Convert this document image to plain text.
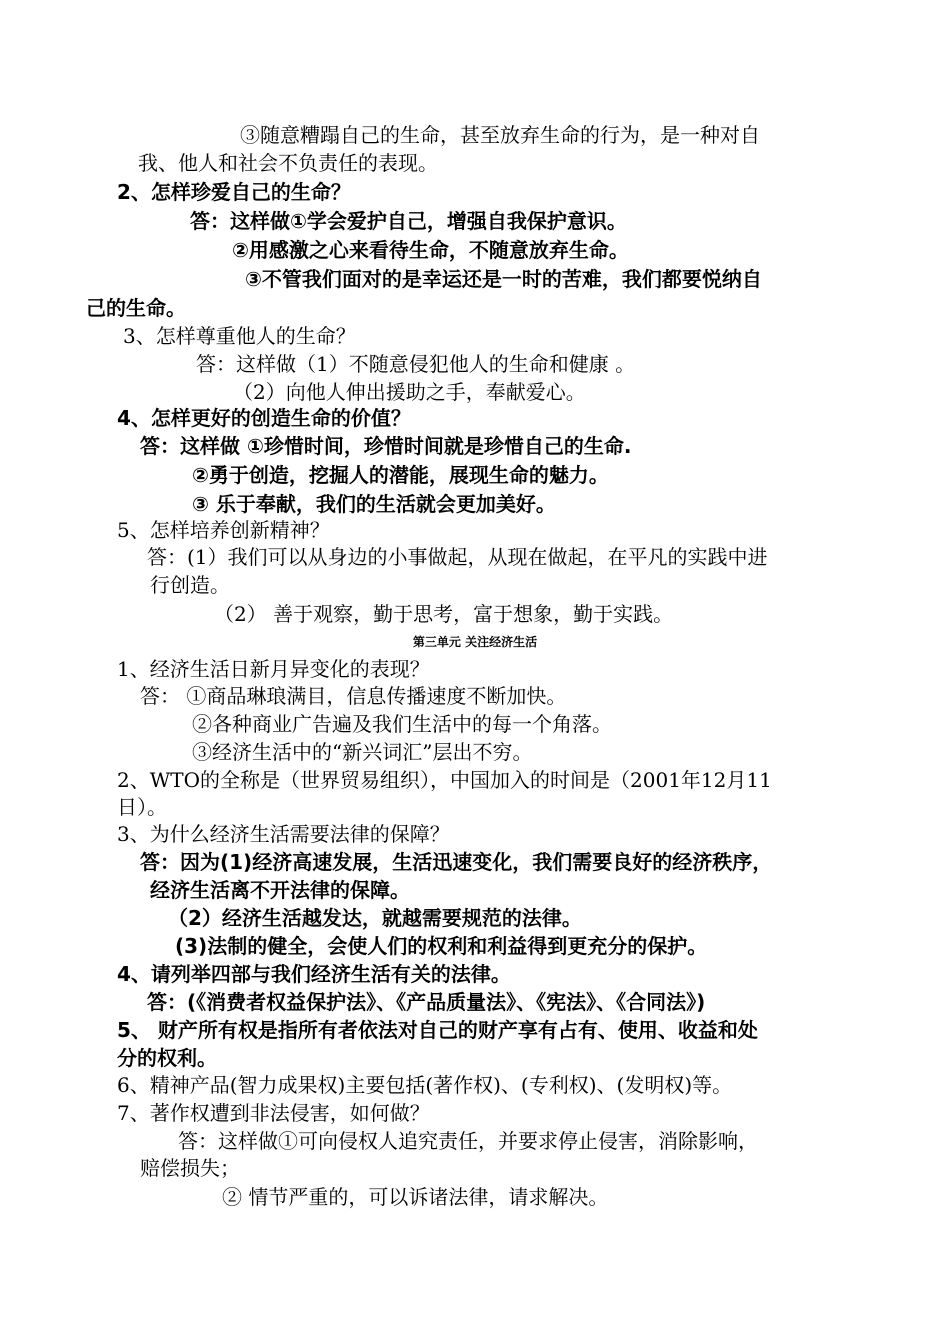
③随意糟蹋自己的生命，甚至放弃生命的行为，是一种对自
我、他人和社会不负责任的表现。
2、怎样珍爱自己的生命？
答：这样做①学会爱护自己，增强自我保护意识。
②用感激之心来看待生命，不随意放弃生命。
③不管我们面对的是幸运还是一时的苦难，我们都要悦纳自
己的生命。
3、怎样尊重他人的生命？
答：这样做（1）不随意侵犯他人的生命和健康 。
（2）向他人伸出援助之手，奉献爱心。
4、怎样更好的创造生命的价值？
答：这样做 ①珍惜时间，珍惜时间就是珍惜自己的生命.
②勇于创造，挖掘人的潜能，展现生命的魅力。
③ 乐于奉献，我们的生活就会更加美好。
5、怎样培养创新精神？
答：(1）我们可以从身边的小事做起，从现在做起，在平凡的实践中进
行创造。
（2） 善于观察，勤于思考，富于想象，勤于实践。
第三单元 关注经济生活
1、经济生活日新月异变化的表现？
答： ①商品琳琅满目，信息传播速度不断加快。
②各种商业广告遍及我们生活中的每一个角落。
③经济生活中的“新兴词汇”层出不穷。
2、WTO的全称是（世界贸易组织），中国加入的时间是（2001年12月11
日）。
3、为什么经济生活需要法律的保障？
答：因为(1)经济高速发展，生活迅速变化，我们需要良好的经济秩序，
经济生活离不开法律的保障。
（2）经济生活越发达，就越需要规范的法律。
(3)法制的健全，会使人们的权利和利益得到更充分的保护。
4、请列举四部与我们经济生活有关的法律。
答：(《消费者权益保护法》、《产品质量法》、《宪法》、《合同法》)
5、 财产所有权是指所有者依法对自己的财产享有占有、使用、收益和处
分的权利。
6、精神产品(智力成果权)主要包括(著作权)、(专利权)、(发明权)等。
7、著作权遭到非法侵害，如何做？
答：这样做①可向侵权人追究责任，并要求停止侵害，消除影响，
赔偿损失；
② 情节严重的，可以诉诸法律，请求解决。
